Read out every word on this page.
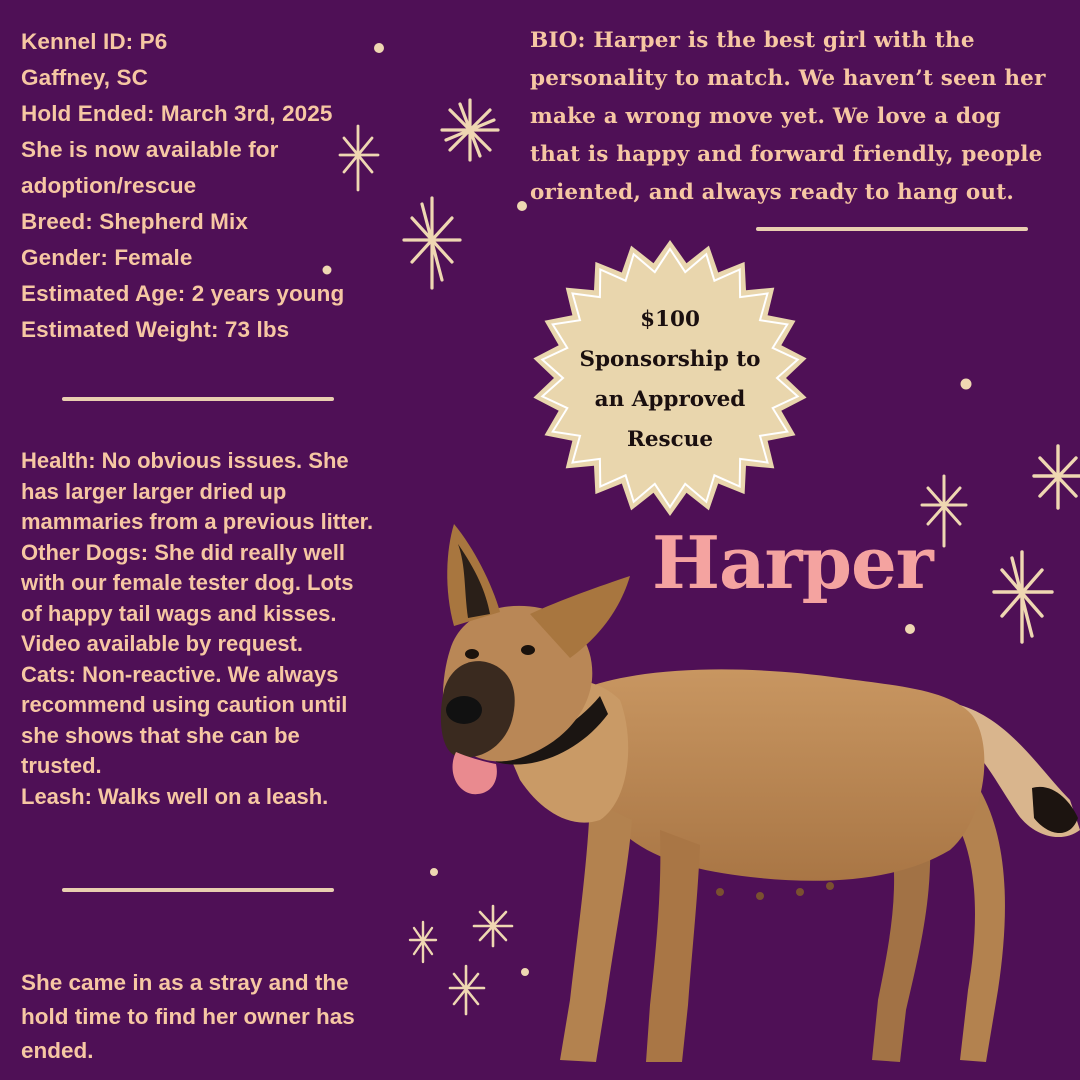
Kennel ID: P6
Gaffney, SC
Hold Ended: March 3rd, 2025
She is now available for
adoption/rescue
Breed: Shepherd Mix
Gender: Female
Estimated Age: 2 years young
Estimated Weight: 73 lbs
Health: No obvious issues. She
has larger larger dried up
mammaries from a previous litter.
Other Dogs: She did really well
with our female tester dog. Lots
of happy tail wags and kisses.
Video available by request.
Cats: Non-reactive. We always
recommend using caution until
she shows that she can be
trusted.
Leash: Walks well on a leash.
She came in as a stray and the
hold time to find her owner has
ended.
BIO: Harper is the best girl with the
personality to match. We haven’t seen her
make a wrong move yet. We love a dog
that is happy and forward friendly, people
oriented, and always ready to hang out.
$100
Sponsorship to
an Approved
Rescue
Harper
